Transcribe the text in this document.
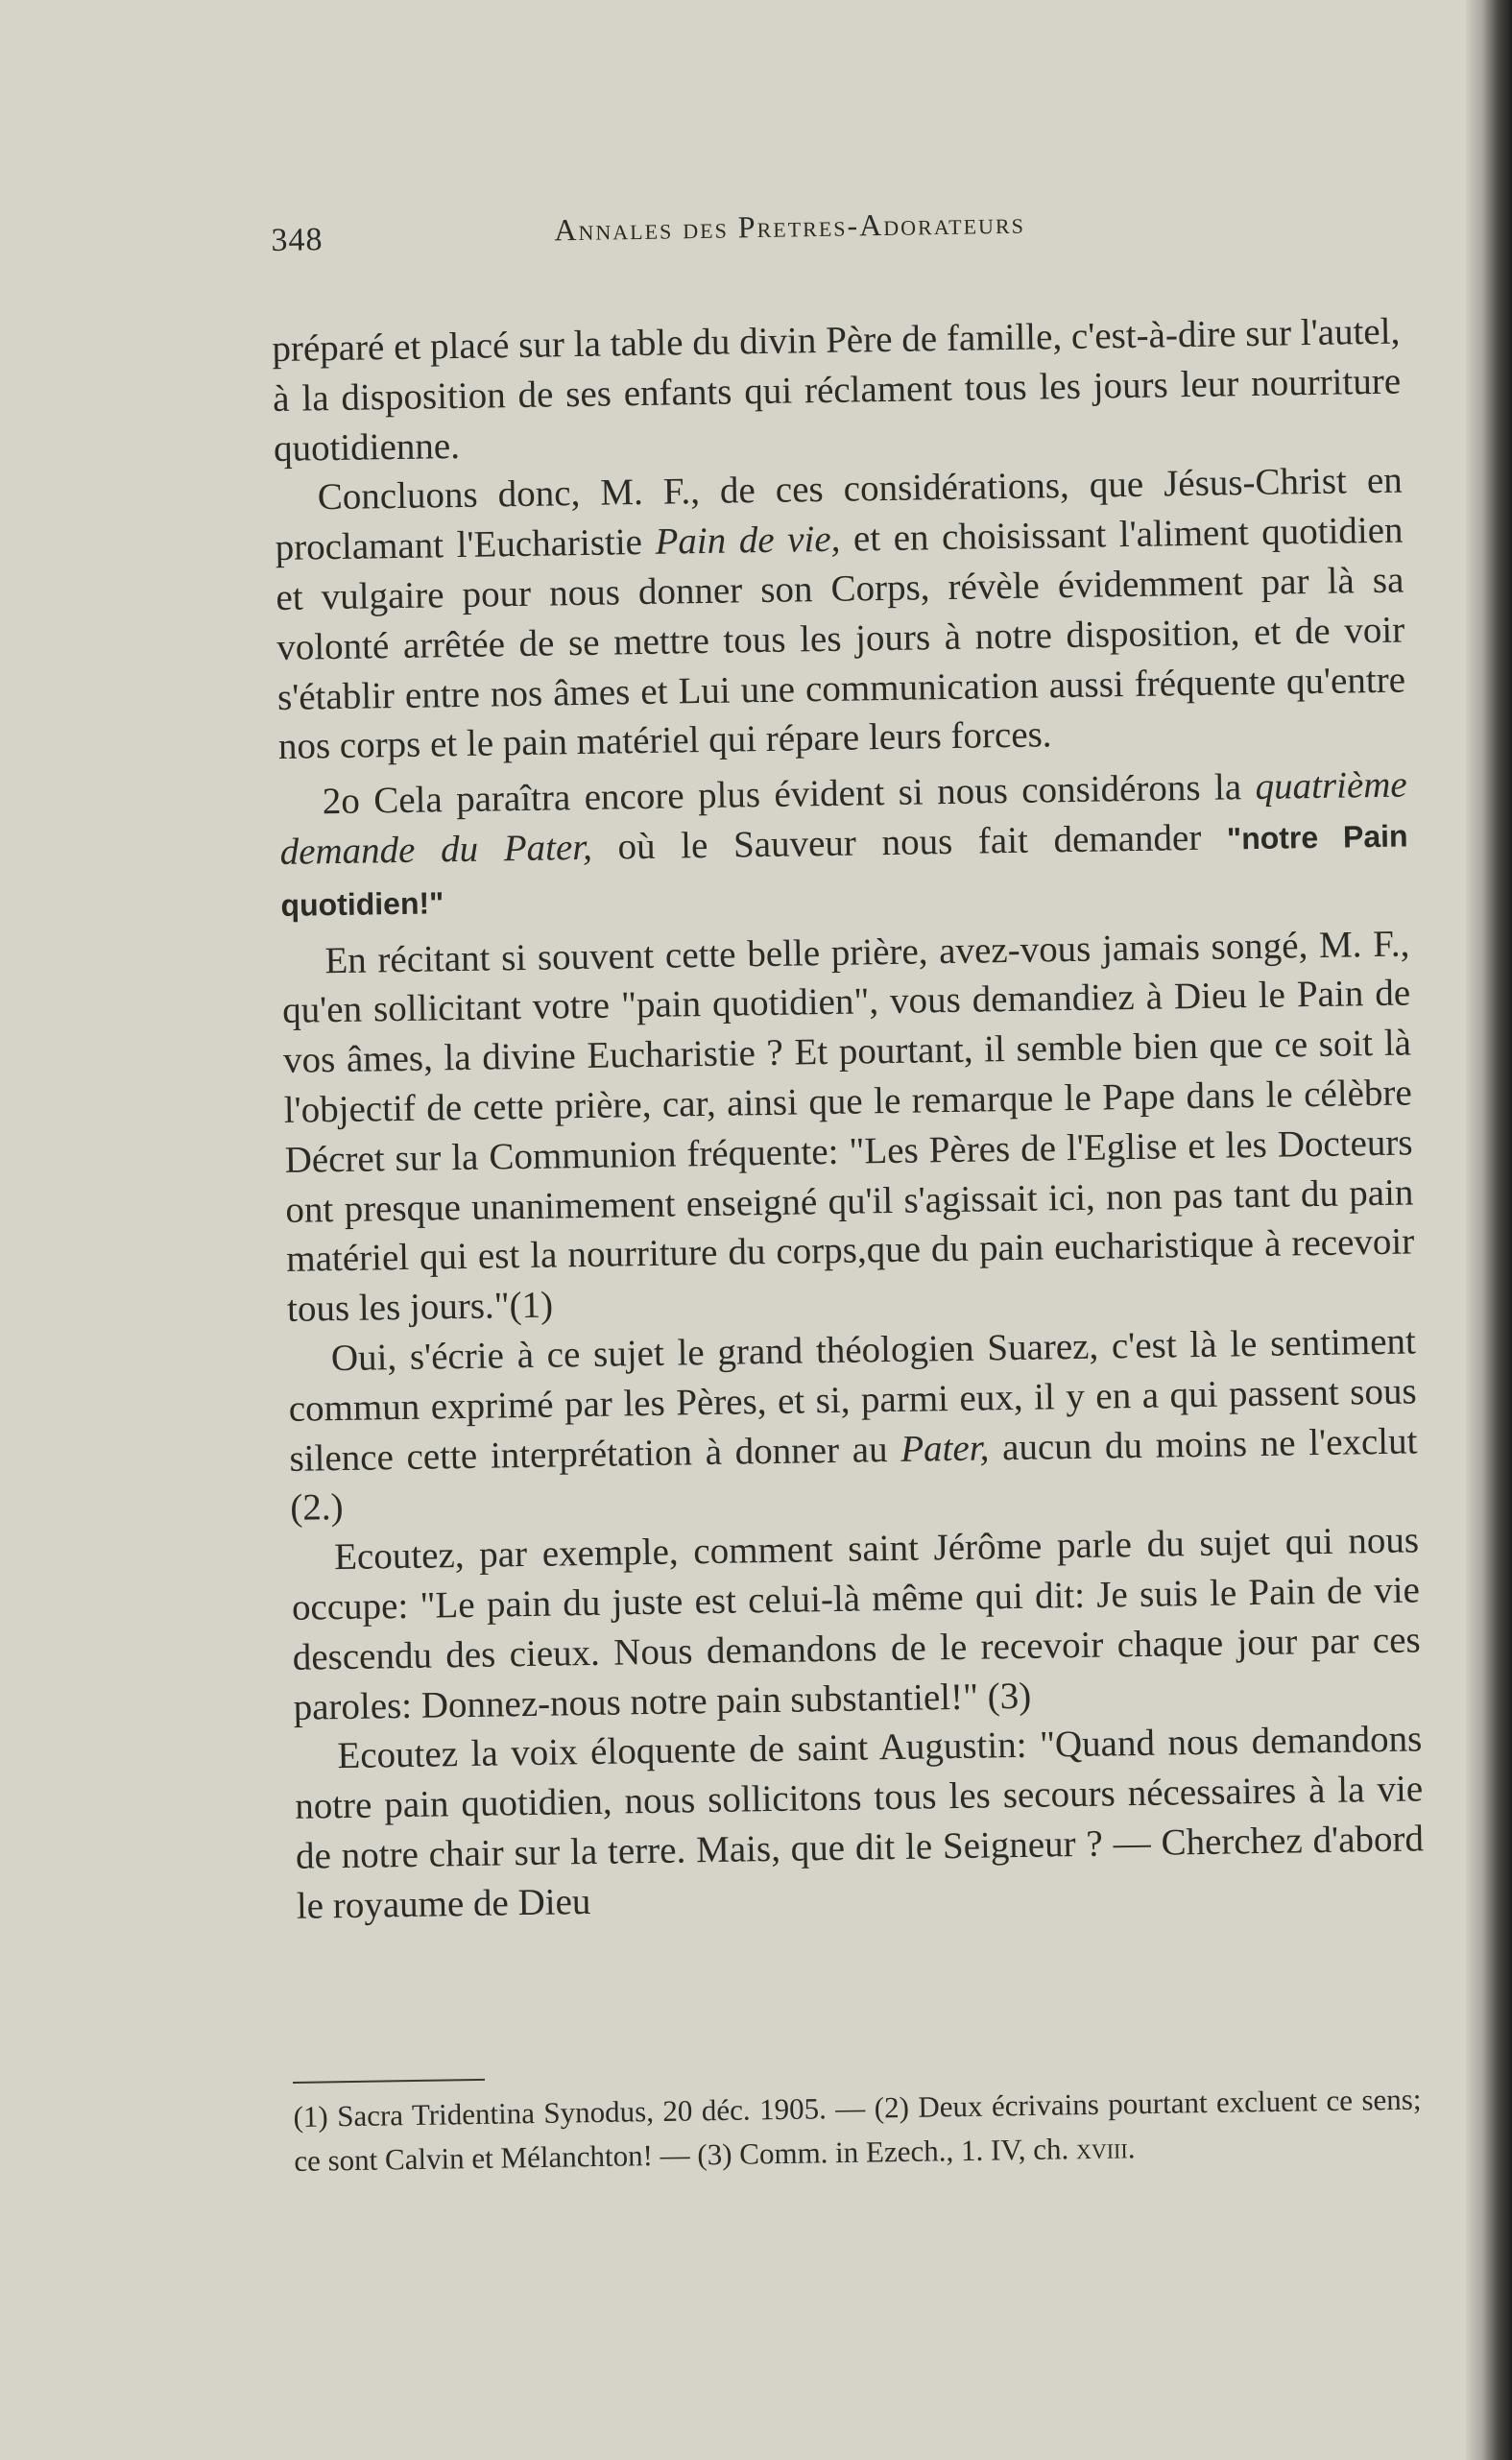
348	Annales des Pretres-Adorateurs

préparé et placé sur la table du divin Père de famille, c'est-à-dire sur l'autel, à la disposition de ses enfants qui réclament tous les jours leur nourriture quotidienne.

Concluons donc, M. F., de ces considérations, que Jésus-Christ en proclamant l'Eucharistie Pain de vie, et en choisissant l'aliment quotidien et vulgaire pour nous donner son Corps, révèle évidemment par là sa volonté arrêtée de se mettre tous les jours à notre disposition, et de voir s'établir entre nos âmes et Lui une communication aussi fréquente qu'entre nos corps et le pain matériel qui répare leurs forces.

2o Cela paraîtra encore plus évident si nous considérons la quatrième demande du Pater, où le Sauveur nous fait demander "notre Pain quotidien!"

En récitant si souvent cette belle prière, avez-vous jamais songé, M. F., qu'en sollicitant votre "pain quotidien", vous demandiez à Dieu le Pain de vos âmes, la divine Eucharistie ? Et pourtant, il semble bien que ce soit là l'objectif de cette prière, car, ainsi que le remarque le Pape dans le célèbre Décret sur la Communion fréquente: "Les Pères de l'Eglise et les Docteurs ont presque unanimement enseigné qu'il s'agissait ici, non pas tant du pain matériel qui est la nourriture du corps,que du pain eucharistique à recevoir tous les jours."(1)

Oui, s'écrie à ce sujet le grand théologien Suarez, c'est là le sentiment commun exprimé par les Pères, et si, parmi eux, il y en a qui passent sous silence cette interprétation à donner au Pater, aucun du moins ne l'exclut (2.)

Ecoutez, par exemple, comment saint Jérôme parle du sujet qui nous occupe: "Le pain du juste est celui-là même qui dit: Je suis le Pain de vie descendu des cieux. Nous demandons de le recevoir chaque jour par ces paroles: Donnez-nous notre pain substantiel!" (3)

Ecoutez la voix éloquente de saint Augustin: "Quand nous demandons notre pain quotidien, nous sollicitons tous les secours nécessaires à la vie de notre chair sur la terre. Mais, que dit le Seigneur ? — Cherchez d'abord le royaume de Dieu

(1) Sacra Tridentina Synodus, 20 déc. 1905. — (2) Deux écrivains pourtant excluent ce sens; ce sont Calvin et Mélanchton! — (3) Comm. in Ezech., 1. IV, ch. xviii.
